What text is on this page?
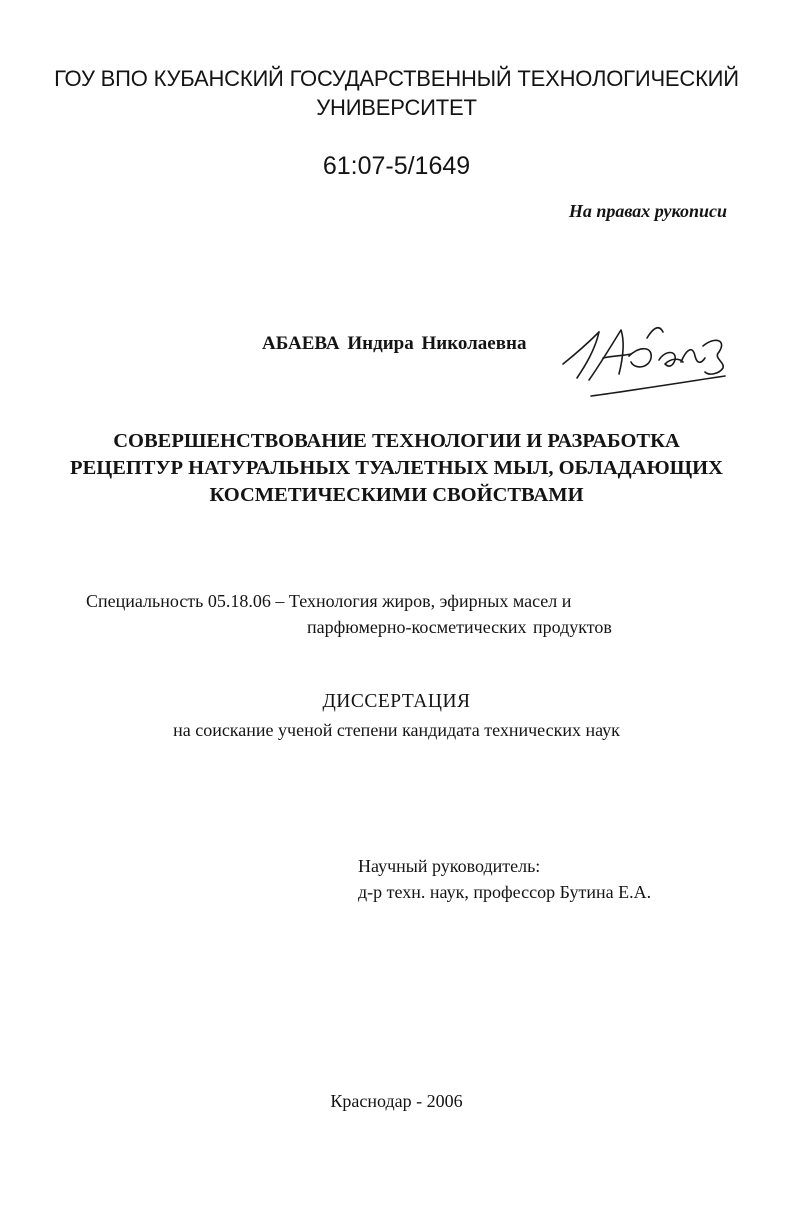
ГОУ ВПО КУБАНСКИЙ ГОСУДАРСТВЕННЫЙ ТЕХНОЛОГИЧЕСКИЙ
УНИВЕРСИТЕТ
61:07-5/1649
На правах рукописи
АБАЕВА Индира Николаевна
СОВЕРШЕНСТВОВАНИЕ ТЕХНОЛОГИИ И РАЗРАБОТКА
РЕЦЕПТУР НАТУРАЛЬНЫХ ТУАЛЕТНЫХ МЫЛ, ОБЛАДАЮЩИХ
КОСМЕТИЧЕСКИМИ СВОЙСТВАМИ
Специальность 05.18.06 – Технология жиров, эфирных масел и
парфюмерно-косметических продуктов
ДИССЕРТАЦИЯ
на соискание ученой степени кандидата технических наук
Научный руководитель:
д-р техн. наук, профессор Бутина Е.А.
Краснодар - 2006
